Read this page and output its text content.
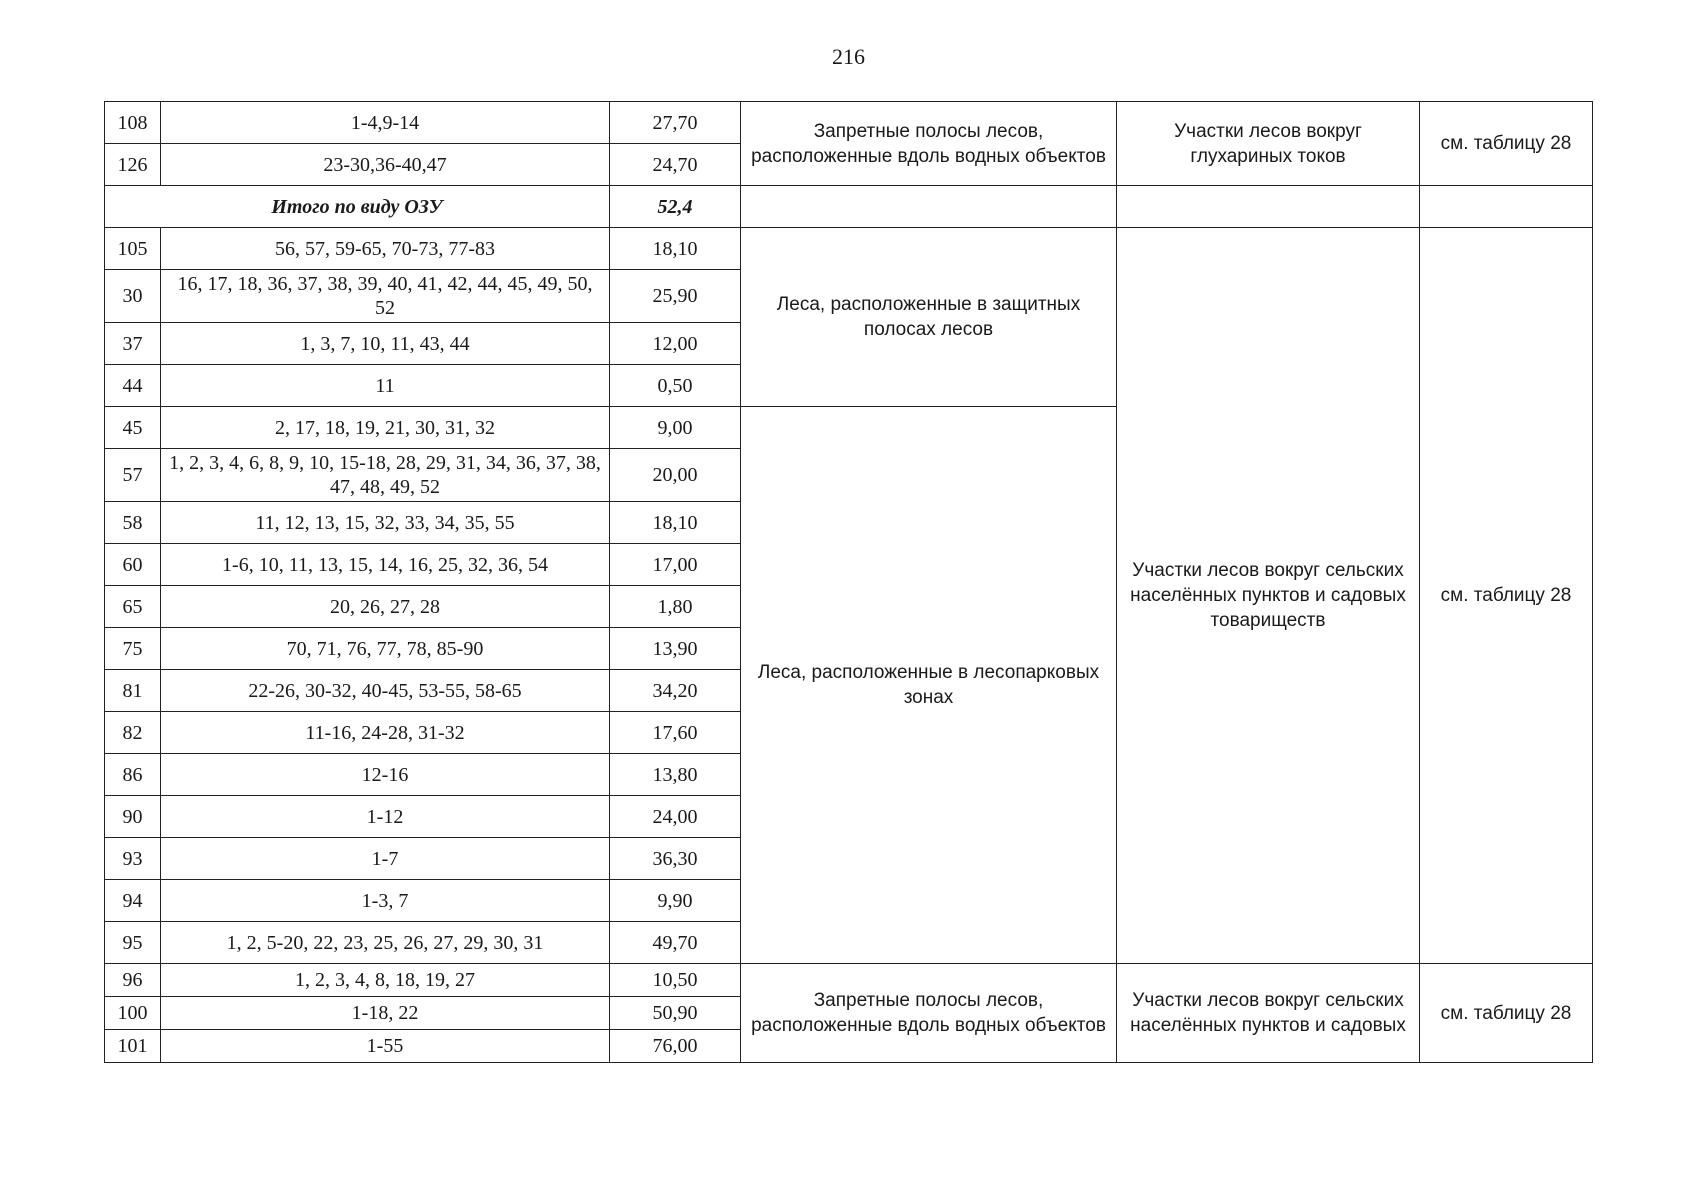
216
108	1-4,9-14	27,70	Запретные полосы лесов, расположенные вдоль водных объектов	Участки лесов вокруг глухариных токов	см. таблицу 28
126	23-30,36-40,47	24,70			
Итого по виду ОЗУ		52,4			
105	56, 57, 59-65, 70-73, 77-83	18,10	Леса, расположенные в защитных полосах лесов	Участки лесов вокруг сельских населённых пунктов и садовых товариществ	см. таблицу 28
30	16, 17, 18, 36, 37, 38, 39, 40, 41, 42, 44, 45, 49, 50, 52	25,90			
37	1, 3, 7, 10, 11, 43, 44	12,00			
44	11	0,50			
45	2, 17, 18, 19, 21, 30, 31, 32	9,00	Леса, расположенные в лесопарковых зонах		
57	1, 2, 3, 4, 6, 8, 9, 10, 15-18, 28, 29, 31, 34, 36, 37, 38, 47, 48, 49, 52	20,00			
58	11, 12, 13, 15, 32, 33, 34, 35, 55	18,10			
60	1-6, 10, 11, 13, 15, 14, 16, 25, 32, 36, 54	17,00			
65	20, 26, 27, 28	1,80			
75	70, 71, 76, 77, 78, 85-90	13,90			
81	22-26, 30-32, 40-45, 53-55, 58-65	34,20			
82	11-16, 24-28, 31-32	17,60			
86	12-16	13,80			
90	1-12	24,00			
93	1-7	36,30			
94	1-3, 7	9,90			
95	1, 2, 5-20, 22, 23, 25, 26, 27, 29, 30, 31	49,70			
96	1, 2, 3, 4, 8, 18, 19, 27	10,50	Запретные полосы лесов, расположенные вдоль водных объектов	Участки лесов вокруг сельских населённых пунктов и садовых	см. таблицу 28
100	1-18, 22	50,90			
101	1-55	76,00			
